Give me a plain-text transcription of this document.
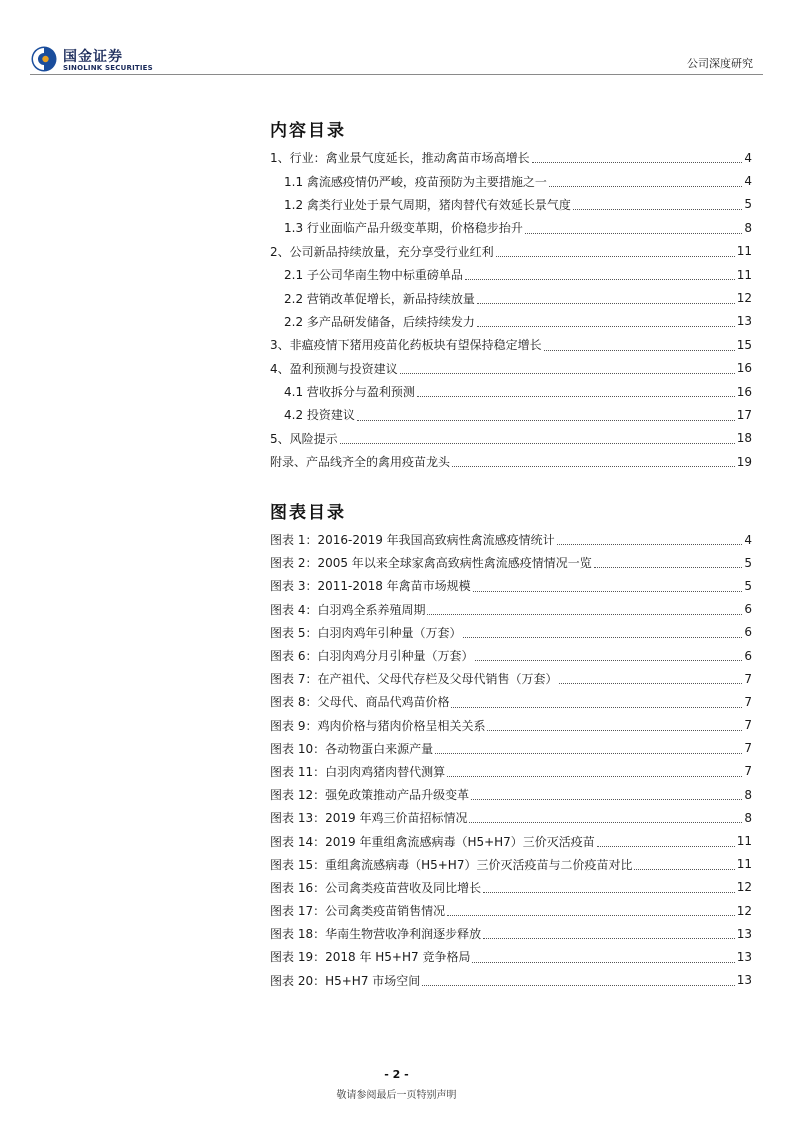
国金证券
SINOLINK SECURITIES	公司深度研究
内容目录
1、行业：禽业景气度延长，推动禽苗市场高增长	4
1.1 禽流感疫情仍严峻，疫苗预防为主要措施之一	4
1.2 禽类行业处于景气周期，猪肉替代有效延长景气度	5
1.3 行业面临产品升级变革期，价格稳步抬升	8
2、公司新品持续放量，充分享受行业红利	11
2.1 子公司华南生物中标重磅单品	11
2.2 营销改革促增长，新品持续放量	12
2.2 多产品研发储备，后续持续发力	13
3、非瘟疫情下猪用疫苗化药板块有望保持稳定增长	15
4、盈利预测与投资建议	16
4.1 营收拆分与盈利预测	16
4.2 投资建议	17
5、风险提示	18
附录、产品线齐全的禽用疫苗龙头	19
图表目录
图表 1：2016-2019 年我国高致病性禽流感疫情统计	4
图表 2：2005 年以来全球家禽高致病性禽流感疫情情况一览	5
图表 3：2011-2018 年禽苗市场规模	5
图表 4：白羽鸡全系养殖周期	6
图表 5：白羽肉鸡年引种量（万套）	6
图表 6：白羽肉鸡分月引种量（万套）	6
图表 7：在产祖代、父母代存栏及父母代销售（万套）	7
图表 8：父母代、商品代鸡苗价格	7
图表 9：鸡肉价格与猪肉价格呈相关关系	7
图表 10：各动物蛋白来源产量	7
图表 11：白羽肉鸡猪肉替代测算	7
图表 12：强免政策推动产品升级变革	8
图表 13：2019 年鸡三价苗招标情况	8
图表 14：2019 年重组禽流感病毒（H5+H7）三价灭活疫苗	11
图表 15：重组禽流感病毒（H5+H7）三价灭活疫苗与二价疫苗对比	11
图表 16：公司禽类疫苗营收及同比增长	12
图表 17：公司禽类疫苗销售情况	12
图表 18：华南生物营收净利润逐步释放	13
图表 19：2018 年 H5+H7 竞争格局	13
图表 20：H5+H7 市场空间	13
- 2 -
敬请参阅最后一页特别声明
